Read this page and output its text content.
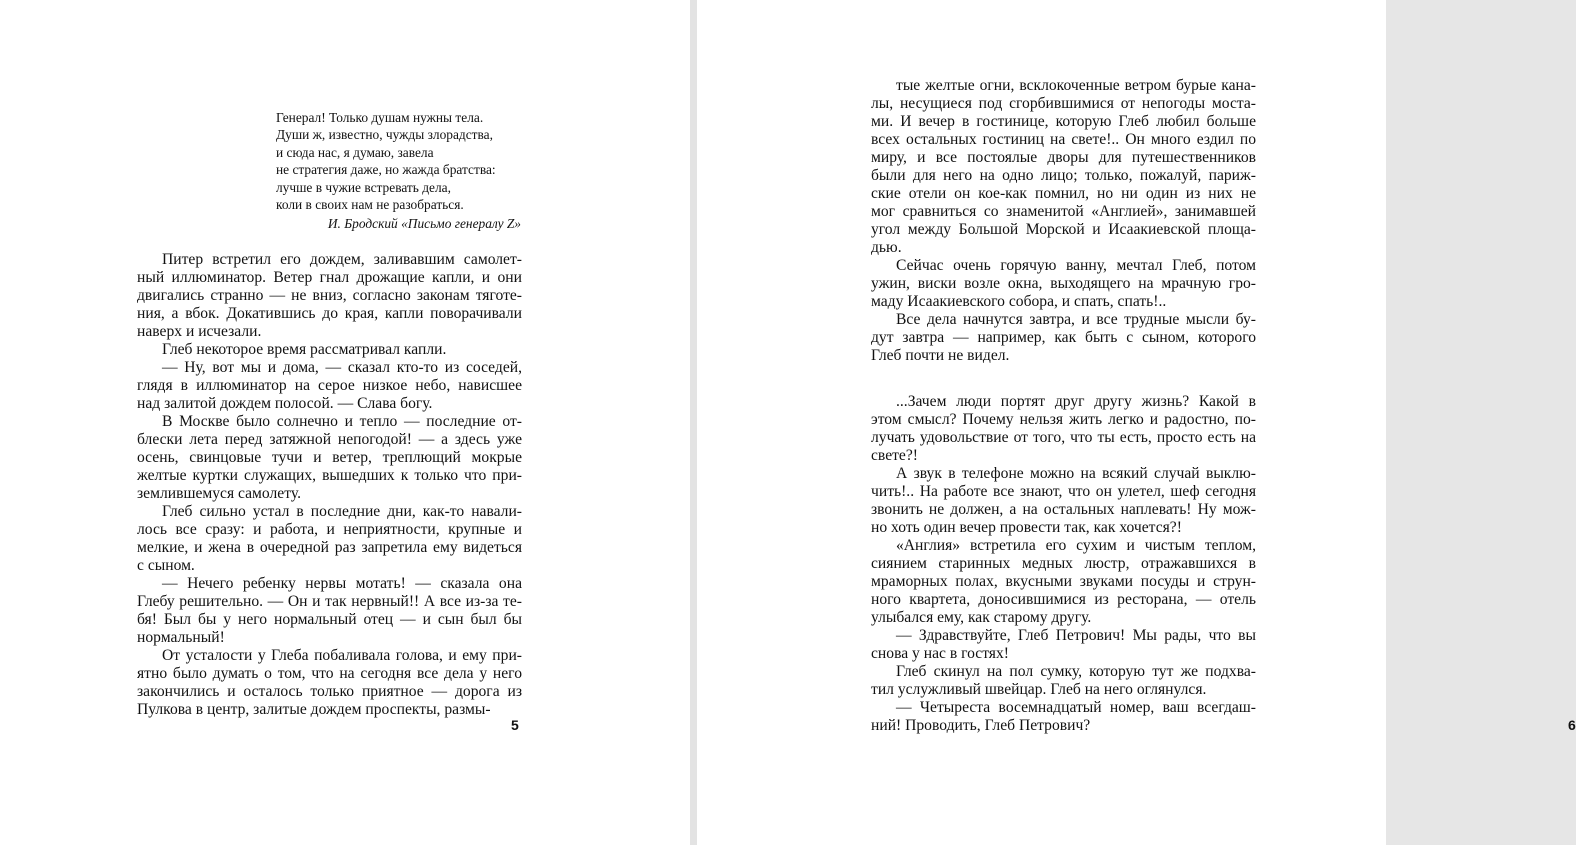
Генерал! Только душам нужны тела.
Души ж, известно, чужды злорадства,
и сюда нас, я думаю, завела
не стратегия даже, но жажда братства:
лучше в чужие встревать дела,
коли в своих нам не разобраться.
И. Бродский «Письмо генералу Z»
Питер встретил его дождем, заливавшим самолет-
ный иллюминатор. Ветер гнал дрожащие капли, и они
двигались странно — не вниз, согласно законам тяготе-
ния, а вбок. Докатившись до края, капли поворачивали
наверх и исчезали.
Глеб некоторое время рассматривал капли.
— Ну, вот мы и дома, — сказал кто-то из соседей,
глядя в иллюминатор на серое низкое небо, нависшее
над залитой дождем полосой. — Слава богу.
В Москве было солнечно и тепло — последние от-
блески лета перед затяжной непогодой! — а здесь уже
осень, свинцовые тучи и ветер, треплющий мокрые
желтые куртки служащих, вышедших к только что при-
землившемуся самолету.
Глеб сильно устал в последние дни, как-то навали-
лось все сразу: и работа, и неприятности, крупные и
мелкие, и жена в очередной раз запретила ему видеться
с сыном.
— Нечего ребенку нервы мотать! — сказала она
Глебу решительно. — Он и так нервный!! А все из-за те-
бя! Был бы у него нормальный отец — и сын был бы
нормальный!
От усталости у Глеба побаливала голова, и ему при-
ятно было думать о том, что на сегодня все дела у него
закончились и осталось только приятное — дорога из
Пулкова в центр, залитые дождем проспекты, размы-
5	6
тые желтые огни, всклокоченные ветром бурые кана-
лы, несущиеся под сгорбившимися от непогоды моста-
ми. И вечер в гостинице, которую Глеб любил больше
всех остальных гостиниц на свете!.. Он много ездил по
миру, и все постоялые дворы для путешественников
были для него на одно лицо; только, пожалуй, париж-
ские отели он кое-как помнил, но ни один из них не
мог сравниться со знаменитой «Англией», занимавшей
угол между Большой Морской и Исаакиевской площа-
дью.
Сейчас очень горячую ванну, мечтал Глеб, потом
ужин, виски возле окна, выходящего на мрачную гро-
маду Исаакиевского собора, и спать, спать!..
Все дела начнутся завтра, и все трудные мысли бу-
дут завтра — например, как быть с сыном, которого
Глеб почти не видел.
...Зачем люди портят друг другу жизнь? Какой в
этом смысл? Почему нельзя жить легко и радостно, по-
лучать удовольствие от того, что ты есть, просто есть на
свете?!
А звук в телефоне можно на всякий случай выклю-
чить!.. На работе все знают, что он улетел, шеф сегодня
звонить не должен, а на остальных наплевать! Ну мож-
но хоть один вечер провести так, как хочется?!
«Англия» встретила его сухим и чистым теплом,
сиянием старинных медных люстр, отражавшихся в
мраморных полах, вкусными звуками посуды и струн-
ного квартета, доносившимися из ресторана, — отель
улыбался ему, как старому другу.
— Здравствуйте, Глеб Петрович! Мы рады, что вы
снова у нас в гостях!
Глеб скинул на пол сумку, которую тут же подхва-
тил услужливый швейцар. Глеб на него оглянулся.
— Четыреста восемнадцатый номер, ваш всегдаш-
ний! Проводить, Глеб Петрович?
